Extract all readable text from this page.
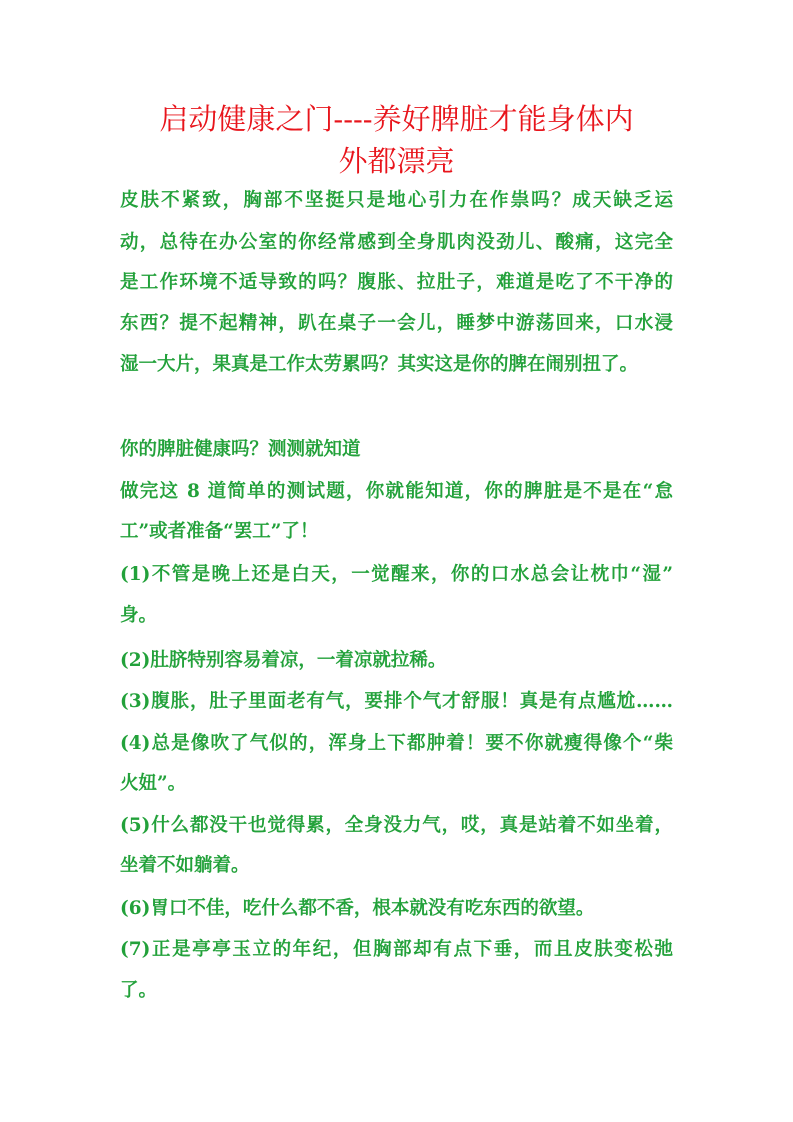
启动健康之门----养好脾脏才能身体内
外都漂亮

皮肤不紧致，胸部不坚挺只是地心引力在作祟吗？成天缺乏运

动，总待在办公室的你经常感到全身肌肉没劲儿、酸痛，这完全

是工作环境不适导致的吗？腹胀、拉肚子，难道是吃了不干净的

东西？提不起精神，趴在桌子一会儿，睡梦中游荡回来，口水浸

湿一大片，果真是工作太劳累吗？其实这是你的脾在闹别扭了。

你的脾脏健康吗？测测就知道

做完这 8 道简单的测试题，你就能知道，你的脾脏是不是在“怠

工”或者准备“罢工”了！

(1)不管是晚上还是白天，一觉醒来，你的口水总会让枕巾“湿”

身。

(2)肚脐特别容易着凉，一着凉就拉稀。

(3)腹胀，肚子里面老有气，要排个气才舒服！真是有点尴尬……

(4)总是像吹了气似的，浑身上下都肿着！要不你就瘦得像个“柴

火妞”。

(5)什么都没干也觉得累，全身没力气，哎，真是站着不如坐着，

坐着不如躺着。

(6)胃口不佳，吃什么都不香，根本就没有吃东西的欲望。

(7)正是亭亭玉立的年纪，但胸部却有点下垂，而且皮肤变松弛

了。
